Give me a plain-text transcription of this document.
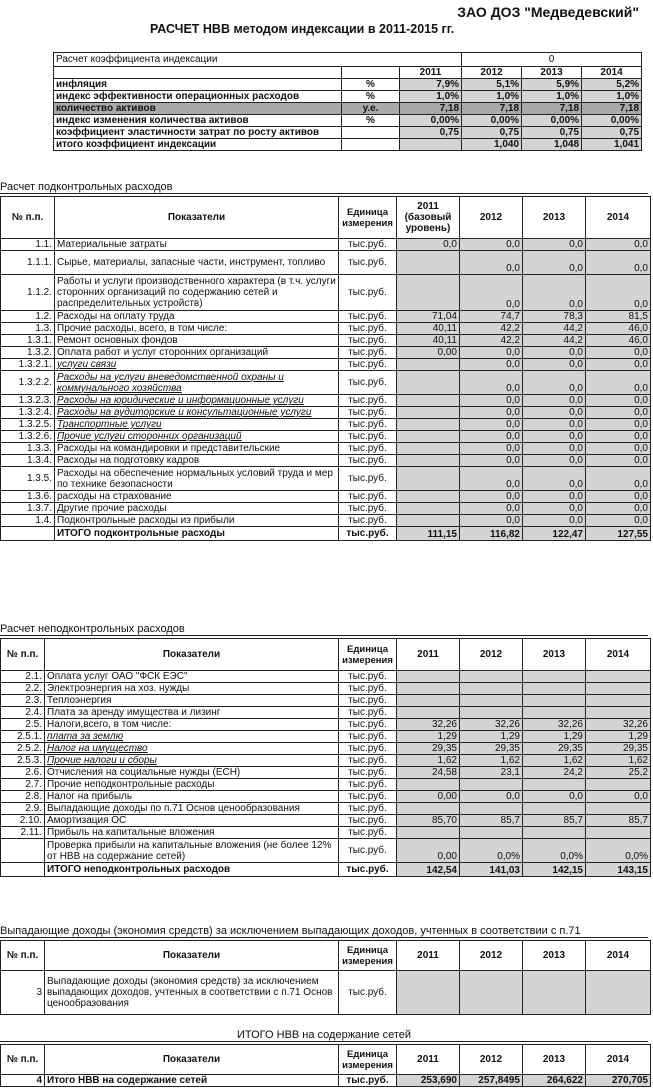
ЗАО ДОЗ "Медведевский"
РАСЧЕТ НВВ методом индексации в 2011-2015 гг.
Расчет коэффициента индексации			0		
		2011	2012	2013	2014
инфляция	%	7,9%	5,1%	5,9%	5,2%
индекс эффективности операционных расходов	%	1,0%	1,0%	1,0%	1,0%
количество активов	у.е.	7,18	7,18	7,18	7,18
индекс изменения количества активов	%	0,00%	0,00%	0,00%	0,00%
коэффициент эластичности затрат по росту активов		0,75	0,75	0,75	0,75
итого коэффициент индексации			1,040	1,048	1,041
Расчет подконтрольных расходов
№ п.п.	Показатели	Единица измерения	2011 (базовый уровень)	2012	2013	2014
1.1.	Материальные затраты	тыс.руб.	0,0	0,0	0,0	0,0
1.1.1.	Сырье, материалы, запасные части, инструмент, топливо	тыс.руб.		0,0	0,0	0,0
1.1.2.	Работы и услуги производственного характера (в т.ч. услуги сторонних организаций по содержанию сетей и распределительных устройств)	тыс.руб.		0,0	0,0	0,0
1.2.	Расходы на оплату труда	тыс.руб.	71,04	74,7	78,3	81,5
1.3.	Прочие расходы, всего, в том числе:	тыс.руб.	40,11	42,2	44,2	46,0
1.3.1.	Ремонт основных фондов	тыс.руб.	40,11	42,2	44,2	46,0
1.3.2.	Оплата работ и услуг сторонних организаций	тыс.руб.	0,00	0,0	0,0	0,0
1.3.2.1.	услуги связи	тыс.руб.		0,0	0,0	0,0
1.3.2.2.	Расходы на услуги вневедомственной охраны и коммунального хозяйства	тыс.руб.		0,0	0,0	0,0
1.3.2.3.	Расходы на юридические и информационные услуги	тыс.руб.		0,0	0,0	0,0
1.3.2.4.	Расходы на аудиторские и консультационные услуги	тыс.руб.		0,0	0,0	0,0
1.3.2.5.	Транспортные услуги	тыс.руб.		0,0	0,0	0,0
1.3.2.6.	Прочие услуги сторонних организаций	тыс.руб.		0,0	0,0	0,0
1.3.3.	Расходы на командировки и представительские	тыс.руб.		0,0	0,0	0,0
1.3.4.	Расходы на подготовку кадров	тыс.руб.		0,0	0,0	0,0
1.3.5.	Расходы на обеспечение нормальных условий труда и мер по технике безопасности	тыс.руб.		0,0	0,0	0,0
1.3.6.	расходы на страхование	тыс.руб.		0,0	0,0	0,0
1.3.7.	Другие прочие расходы	тыс.руб.		0,0	0,0	0,0
1.4.	Подконтрольные расходы из прибыли	тыс.руб.		0,0	0,0	0,0
	ИТОГО подконтрольные расходы	тыс.руб.	111,15	116,82	122,47	127,55
Расчет неподконтрольных расходов
№ п.п.	Показатели	Единица измерения	2011	2012	2013	2014
2.1.	Оплата услуг ОАО "ФСК ЕЭС"	тыс.руб.				
2.2.	Электроэнергия на хоз. нужды	тыс.руб.				
2.3.	Теплоэнергия	тыс.руб.				
2.4.	Плата за аренду имущества и лизинг	тыс.руб.				
2.5.	Налоги,всего, в том числе:	тыс.руб.	32,26	32,26	32,26	32,26
2.5.1.	плата за землю	тыс.руб.	1,29	1,29	1,29	1,29
2.5.2.	Налог на имущество	тыс.руб.	29,35	29,35	29,35	29,35
2.5.3.	Прочие налоги и сборы	тыс.руб.	1,62	1,62	1,62	1,62
2.6.	Отчисления на социальные нужды (ЕСН)	тыс.руб.	24,58	23,1	24,2	25,2
2.7.	Прочие неподконтрольные расходы	тыс.руб.				
2.8.	Налог на прибыль	тыс.руб.	0,00	0,0	0,0	0,0
2.9.	Выпадающие доходы по п.71 Основ ценообразования	тыс.руб.				
2.10.	Амортизация ОС	тыс.руб.	85,70	85,7	85,7	85,7
2.11.	Прибыль на капитальные вложения	тыс.руб.				
	Проверка прибыли на капитальные вложения (не более 12% от НВВ на содержание сетей)	тыс.руб.	0,00	0,0%	0,0%	0,0%
	ИТОГО неподконтрольных расходов	тыс.руб.	142,54	141,03	142,15	143,15
Выпадающие доходы (экономия средств) за исключением выпадающих доходов, учтенных в соответствии с п.71
№ п.п.	Показатели	Единица измерения	2011	2012	2013	2014
3	Выпадающие доходы (экономия средств) за исключением выпадающих доходов, учтенных в соответствии с п.71 Основ ценообразования	тыс.руб.				
ИТОГО НВВ на содержание сетей
№ п.п.	Показатели	Единица измерения	2011	2012	2013	2014
4	Итого НВВ на содержание сетей	тыс.руб.	253,690	257,8495	264,622	270,705
